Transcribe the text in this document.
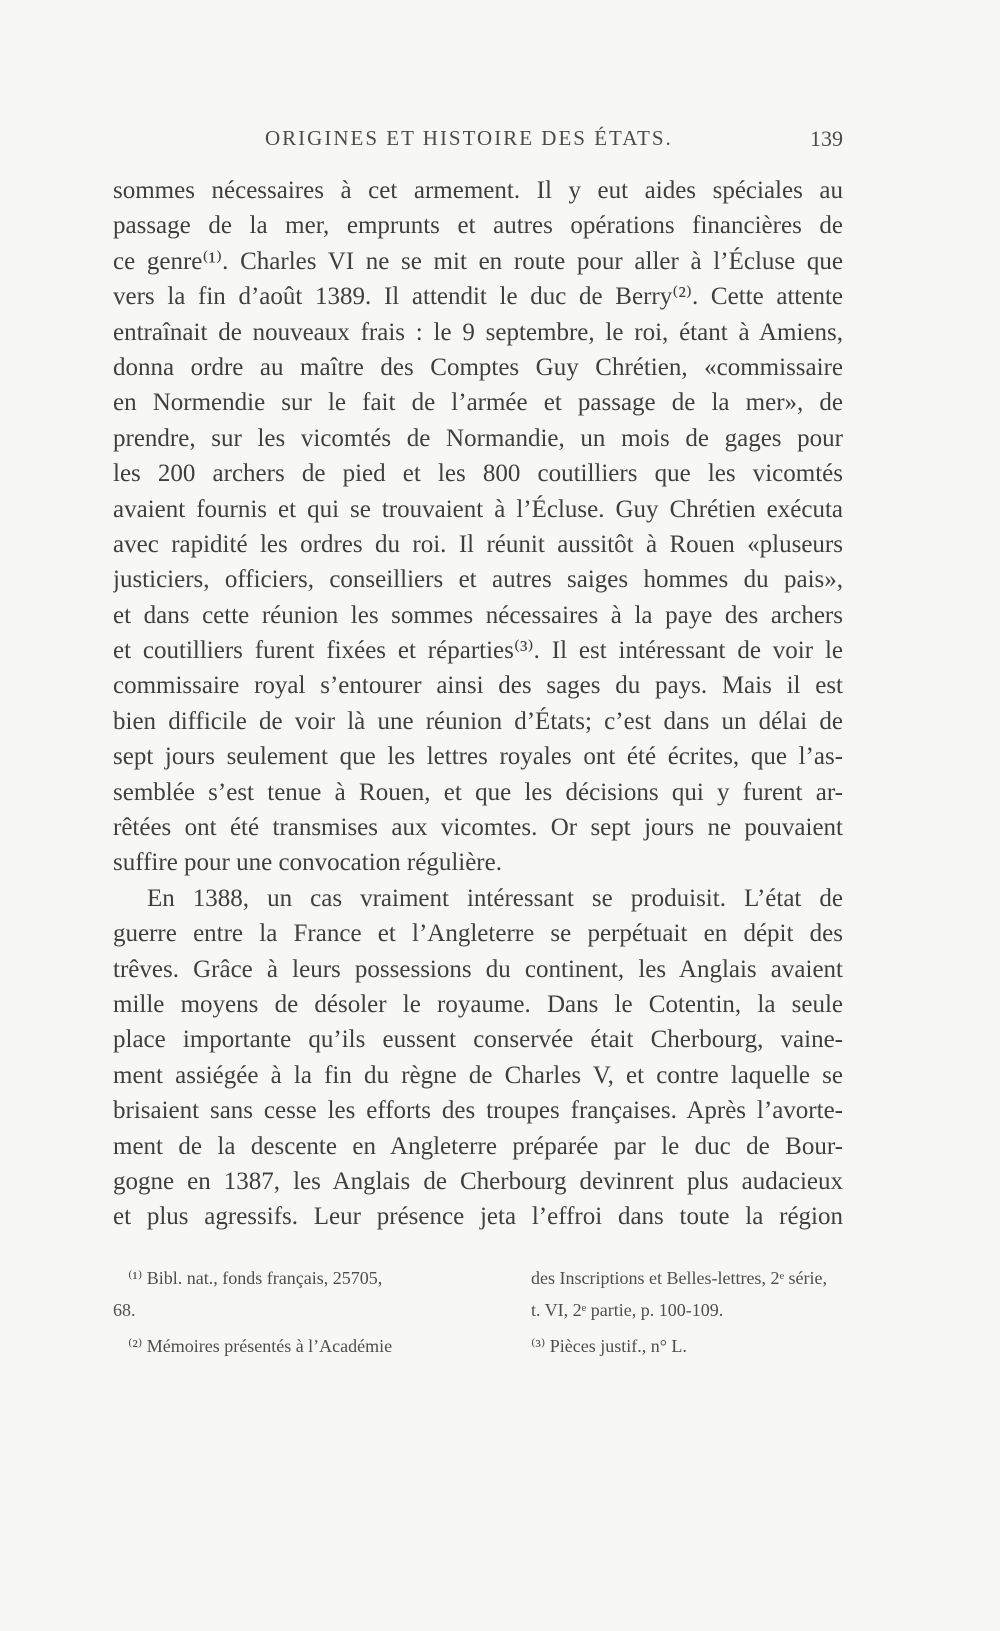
ORIGINES ET HISTOIRE DES ÉTATS.	139
sommes nécessaires à cet armement. Il y eut aides spéciales au
passage de la mer, emprunts et autres opérations financières de
ce genre⁽¹⁾. Charles VI ne se mit en route pour aller à l’Écluse que
vers la fin d’août 1389. Il attendit le duc de Berry⁽²⁾. Cette attente
entraînait de nouveaux frais : le 9 septembre, le roi, étant à Amiens,
donna ordre au maître des Comptes Guy Chrétien, «commissaire
en Normendie sur le fait de l’armée et passage de la mer», de
prendre, sur les vicomtés de Normandie, un mois de gages pour
les 200 archers de pied et les 800 coutilliers que les vicomtés
avaient fournis et qui se trouvaient à l’Écluse. Guy Chrétien exécuta
avec rapidité les ordres du roi. Il réunit aussitôt à Rouen «pluseurs
justiciers, officiers, conseilliers et autres saiges hommes du pais»,
et dans cette réunion les sommes nécessaires à la paye des archers
et coutilliers furent fixées et réparties⁽³⁾. Il est intéressant de voir le
commissaire royal s’entourer ainsi des sages du pays. Mais il est
bien difficile de voir là une réunion d’États; c’est dans un délai de
sept jours seulement que les lettres royales ont été écrites, que l’as-
semblée s’est tenue à Rouen, et que les décisions qui y furent ar-
rêtées ont été transmises aux vicomtes. Or sept jours ne pouvaient
suffire pour une convocation régulière.
En 1388, un cas vraiment intéressant se produisit. L’état de
guerre entre la France et l’Angleterre se perpétuait en dépit des
trêves. Grâce à leurs possessions du continent, les Anglais avaient
mille moyens de désoler le royaume. Dans le Cotentin, la seule
place importante qu’ils eussent conservée était Cherbourg, vaine-
ment assiégée à la fin du règne de Charles V, et contre laquelle se
brisaient sans cesse les efforts des troupes françaises. Après l’avorte-
ment de la descente en Angleterre préparée par le duc de Bour-
gogne en 1387, les Anglais de Cherbourg devinrent plus audacieux
et plus agressifs. Leur présence jeta l’effroi dans toute la région
⁽¹⁾ Bibl. nat., fonds français, 25705,
68.
⁽²⁾ Mémoires présentés à l’Académie
des Inscriptions et Belles-lettres, 2ᵉ série,
t. VI, 2ᵉ partie, p. 100-109.
⁽³⁾ Pièces justif., n° L.
